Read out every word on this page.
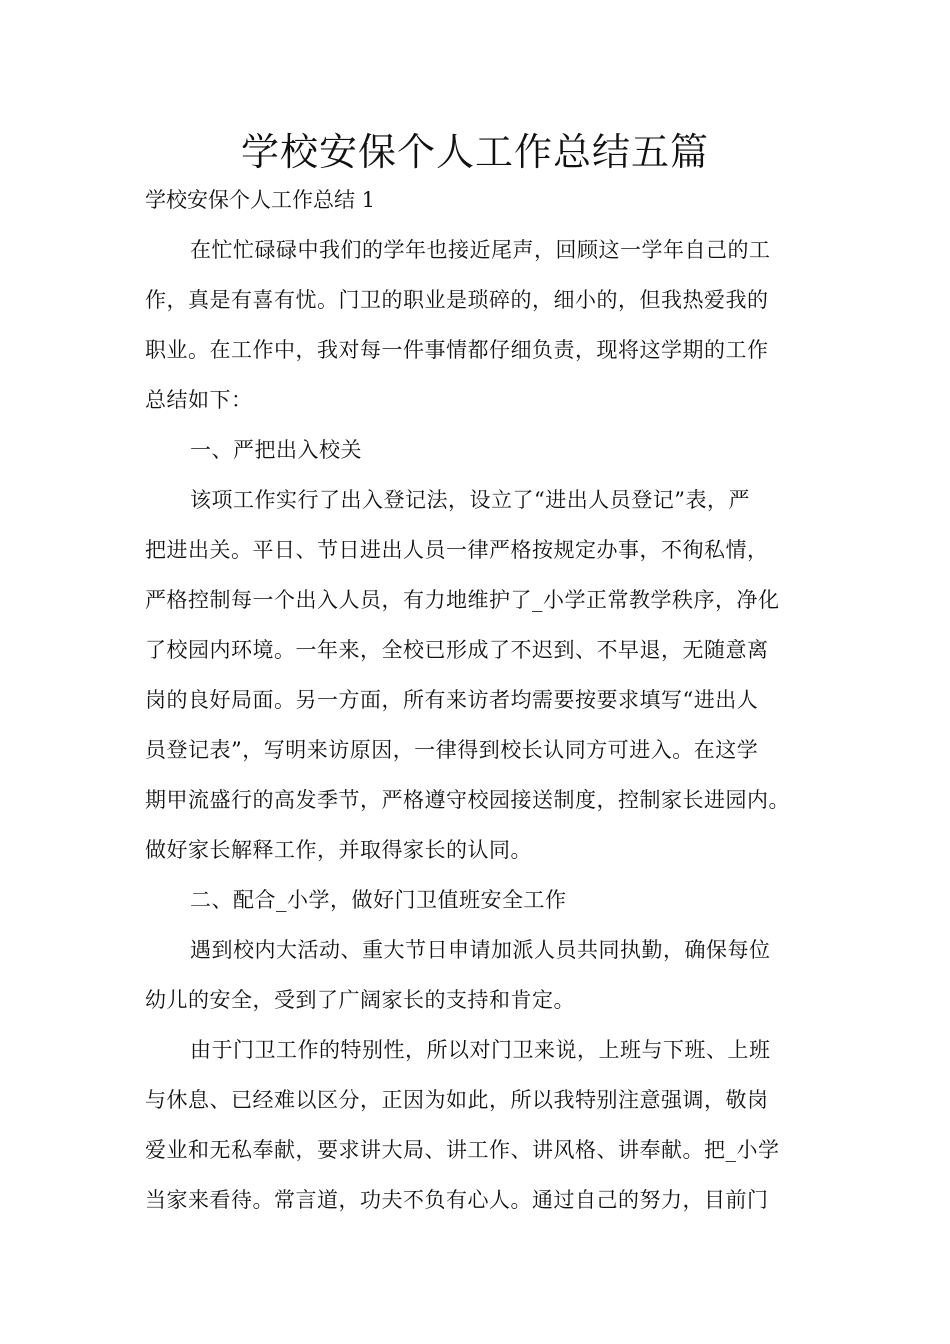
学校安保个人工作总结五篇

学校安保个人工作总结 1

在忙忙碌碌中我们的学年也接近尾声，回顾这一学年自己的工

作，真是有喜有忧。门卫的职业是琐碎的，细小的，但我热爱我的

职业。在工作中，我对每一件事情都仔细负责，现将这学期的工作

总结如下：

一、严把出入校关

该项工作实行了出入登记法，设立了“进出人员登记”表，严

把进出关。平日、节日进出人员一律严格按规定办事，不徇私情，

严格控制每一个出入人员，有力地维护了_小学正常教学秩序，净化

了校园内环境。一年来，全校已形成了不迟到、不早退，无随意离

岗的良好局面。另一方面，所有来访者均需要按要求填写“进出人

员登记表”，写明来访原因，一律得到校长认同方可进入。在这学

期甲流盛行的高发季节，严格遵守校园接送制度，控制家长进园内。

做好家长解释工作，并取得家长的认同。

二、配合_小学，做好门卫值班安全工作

遇到校内大活动、重大节日申请加派人员共同执勤，确保每位

幼儿的安全，受到了广阔家长的支持和肯定。

由于门卫工作的特别性，所以对门卫来说，上班与下班、上班

与休息、已经难以区分，正因为如此，所以我特别注意强调，敬岗

爱业和无私奉献，要求讲大局、讲工作、讲风格、讲奉献。把_小学

当家来看待。常言道，功夫不负有心人。通过自己的努力，目前门
